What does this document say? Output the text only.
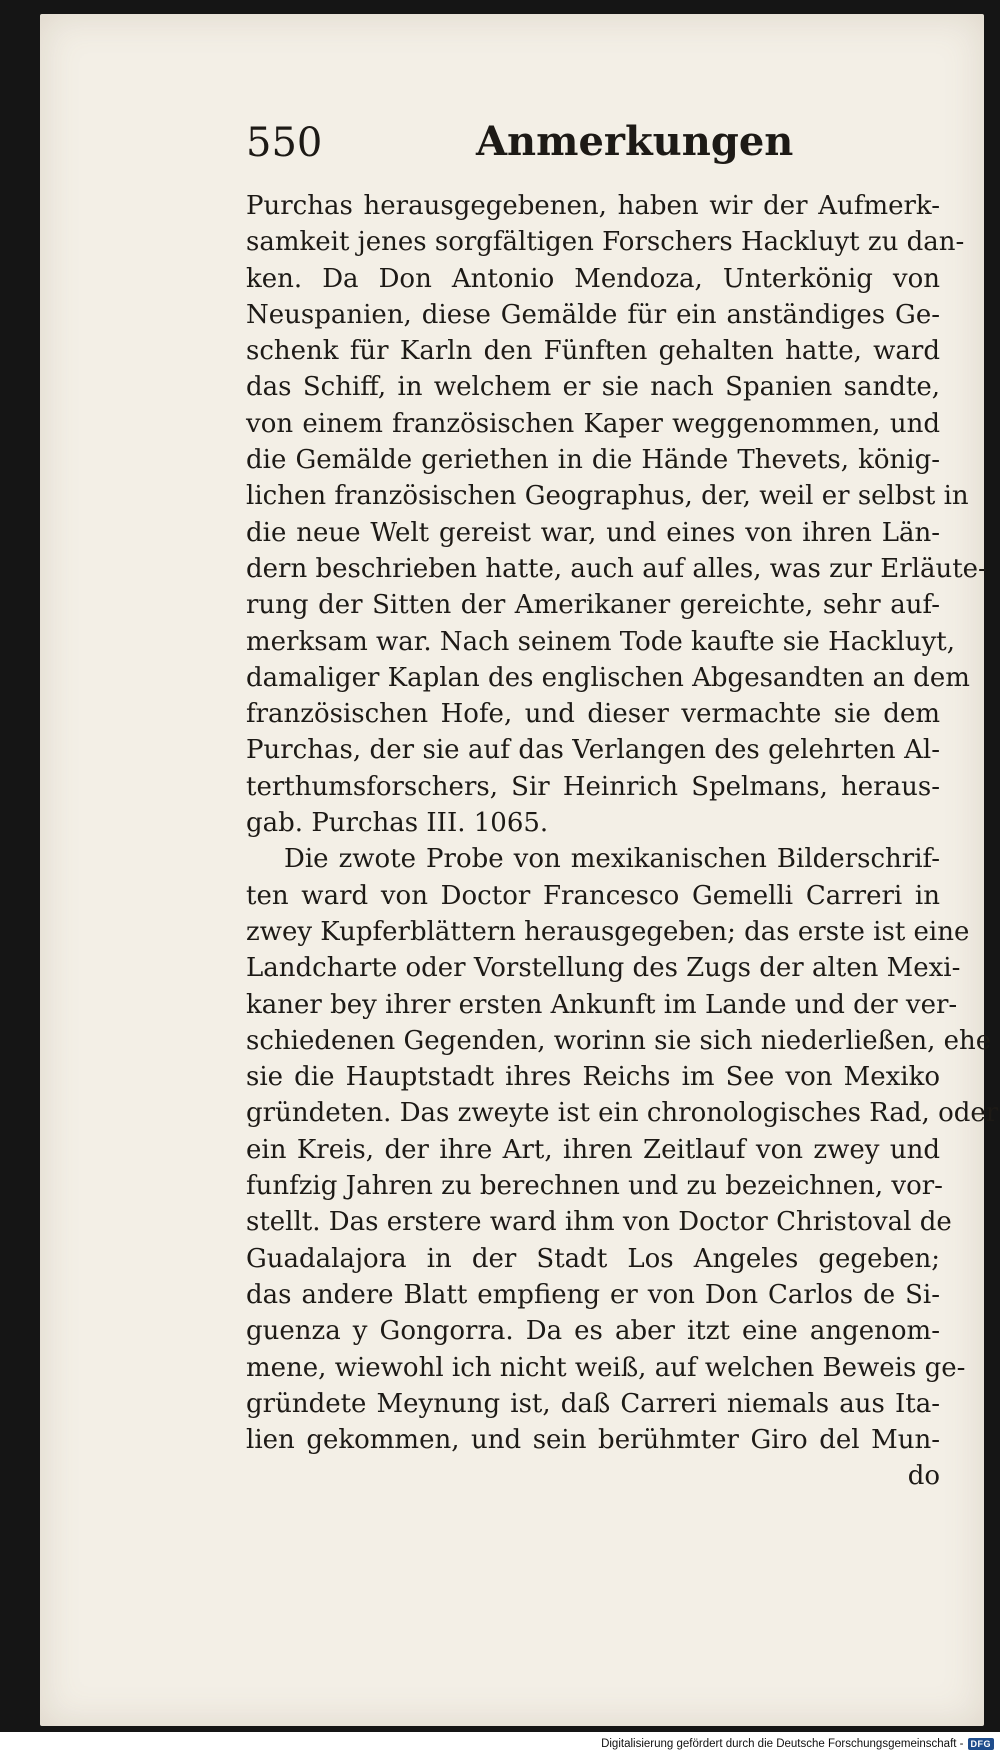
550	Anmerkungen
Purchas herausgegebenen, haben wir der Aufmerk-
samkeit jenes sorgfältigen Forschers Hackluyt zu dan-
ken. Da Don Antonio Mendoza, Unterkönig von
Neuspanien, diese Gemälde für ein anständiges Ge-
schenk für Karln den Fünften gehalten hatte, ward
das Schiff, in welchem er sie nach Spanien sandte,
von einem französischen Kaper weggenommen, und
die Gemälde geriethen in die Hände Thevets, könig-
lichen französischen Geographus, der, weil er selbst in
die neue Welt gereist war, und eines von ihren Län-
dern beschrieben hatte, auch auf alles, was zur Erläute-
rung der Sitten der Amerikaner gereichte, sehr auf-
merksam war. Nach seinem Tode kaufte sie Hackluyt,
damaliger Kaplan des englischen Abgesandten an dem
französischen Hofe, und dieser vermachte sie dem
Purchas, der sie auf das Verlangen des gelehrten Al-
terthumsforschers, Sir Heinrich Spelmans, heraus-
gab. Purchas III. 1065.
Die zwote Probe von mexikanischen Bilderschrif-
ten ward von Doctor Francesco Gemelli Carreri in
zwey Kupferblättern herausgegeben; das erste ist eine
Landcharte oder Vorstellung des Zugs der alten Mexi-
kaner bey ihrer ersten Ankunft im Lande und der ver-
schiedenen Gegenden, worinn sie sich niederließen, ehe
sie die Hauptstadt ihres Reichs im See von Mexiko
gründeten. Das zweyte ist ein chronologisches Rad, oder
ein Kreis, der ihre Art, ihren Zeitlauf von zwey und
funfzig Jahren zu berechnen und zu bezeichnen, vor-
stellt. Das erstere ward ihm von Doctor Christoval de
Guadalajora in der Stadt Los Angeles gegeben;
das andere Blatt empfieng er von Don Carlos de Si-
guenza y Gongorra. Da es aber itzt eine angenom-
mene, wiewohl ich nicht weiß, auf welchen Beweis ge-
gründete Meynung ist, daß Carreri niemals aus Ita-
lien gekommen, und sein berühmter Giro del Mun-
do
Digitalisierung gefördert durch die Deutsche Forschungsgemeinschaft - DFG
